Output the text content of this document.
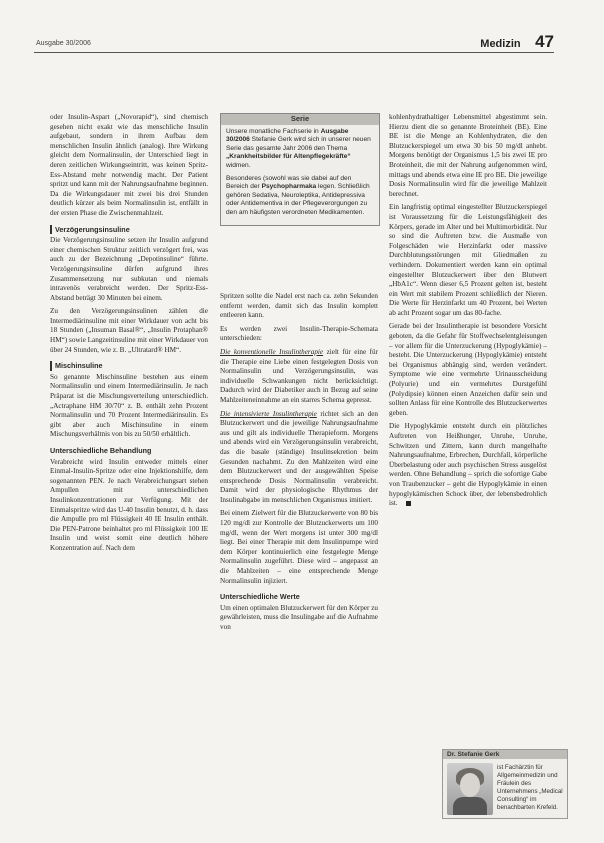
Ausgabe 30/2006	Medizin 47

oder Insulin-Aspart („Novorapid“), sind chemisch gesehen nicht exakt wie das menschliche Insulin aufgebaut, sondern in ihrem Aufbau dem menschlichen Insulin ähnlich (analog). Ihre Wirkung gleicht dem Normalinsulin, der Unterschied liegt in deren zeitlichen Wirkungseintritt, was keinen Spritz-Ess-Abstand mehr notwendig macht. Der Patient spritzt und kann mit der Nahrungsaufnahme beginnen. Da die Wirkungsdauer mit zwei bis drei Stunden deutlich kürzer als beim Normalinsulin ist, entfällt in der ersten Phase die Zwischenmahlzeit.

Verzögerungsinsuline

Die Verzögerungsinsuline setzen ihr Insulin aufgrund einer chemischen Struktur zeitlich verzögert frei, was auch zu der Bezeichnung „Depotinsuline“ führte. Verzögerungsinsuline dürfen aufgrund ihres Zusammensetzung nur subkutan und niemals intravenös verabreicht werden. Der Spritz-Ess-Abstand beträgt 30 Minuten bei einem.

Zu den Verzögerungsinsulinen zählen die Intermediärinsuline mit einer Wirkdauer von acht bis 18 Stunden („Insuman Basal®“, „Insulin Protaphan® HM“) sowie Langzeitinsuline mit einer Wirkdauer von über 24 Stunden, wie z. B. „Ultratard® HM“.

Mischinsuline

So genannte Mischinsuline bestehen aus einem Normalinsulin und einem Intermediärinsulin. Je nach Präparat ist die Mischungsverteilung unterschiedlich. „Actraphane HM 30/70“ z. B. enthält zehn Prozent Normalinsulin und 70 Prozent Intermediärinsulin. Es gibt aber auch Mischinsuline in einem Mischungsverhältnis von bis zu 50/50 erhältlich.

Unterschiedliche Behandlung

Verabreicht wird Insulin entweder mittels einer Einmal-Insulin-Spritze oder eine Injektionshilfe, dem sogenannten PEN. Je nach Verabreichungsart stehen Ampullen mit unterschiedlichen Insulinkonzentrationen zur Verfügung. Mit der Einmalspritze wird das U-40 Insulin benutzt, d. h. dass die Ampulle pro ml Flüssigkeit 40 IE Insulin enthält. Die PEN-Patrone beinhaltet pro ml Flüssigkeit 100 IE Insulin und weist somit eine deutlich höhere Konzentration auf. Nach dem

Serie

Unsere monatliche Fachserie in Ausgabe 30/2006 Stefanie Gerk wird sich in unserer neuen Serie das gesamte Jahr 2006 den Thema „Krankheitsbilder für Altenpflegekräfte“ widmen.

Besonderes (sowohl was sie dabei auf den Bereich der Psychopharmaka legen. Schließlich gehören Sedativa, Neuroleptika, Antidepressiva oder Antidementiva in der Pflegeverorgungen zu den am häufigsten verordneten Medikamenten.

Spritzen sollte die Nadel erst nach ca. zehn Sekunden entfernt werden, damit sich das Insulin komplett entleeren kann.

Es werden zwei Insulin-Therapie-Schemata unterschieden:

Die konventionelle Insulintherapie zielt für eine für die Therapie eine Liebe einen festgelegten Dosis von Normalinsulin und Verzögerungsinsulin, was individuelle Schwankungen nicht berücksichtigt. Dadurch wird der Diabetiker auch in Bezug auf seine Mahlzeiteneinnahme an ein starres Schema gepresst.

Die intensivierte Insulintherapie richtet sich an den Blutzuckerwert und die jeweilige Nahrungsaufnahme aus und gilt als individuelle Therapieform. Morgens und abends wird ein Verzögerungsinsulin verabreicht, das die basale (ständige) Insulinsekretion beim Gesunden nachahmt. Zu den Mahlzeiten wird eine dem Blutzuckerwert und der ausgewählten Speise entsprechende Dosis Normalinsulin verabreicht. Damit wird der physiologische Rhythmus der Insulinabgabe im menschlichen Organismus imitiert.

Bei einem Zielwert für die Blutzuckerwerte von 80 bis 120 mg/dl zur Kontrolle der Blutzuckerwerts um 100 mg/dl, wenn der Wert morgens ist unter 300 mg/dl liegt. Bei einer Therapie mit dem Insulinpumpe wird dem Körper kontinuierlich eine festgelegte Menge Normalinsulin zugeführt. Diese wird – angepasst an die Mahlzeiten – eine entsprechende Menge Normalinsulin injiziert.

Unterschiedliche Werte

Um einen optimalen Blutzuckerwert für den Körper zu gewährleisten, muss die Insulingabe auf die Aufnahme von

kohlenhydrathaltiger Lebensmittel abgestimmt sein. Hierzu dient die so genannte Broteinheit (BE). Eine BE ist die Menge an Kohlenhydraten, die den Blutzuckerspiegel um etwa 30 bis 50 mg/dl anhebt. Morgens benötigt der Organismus 1,5 bis zwei IE pro Broteinheit, die mit der Nahrung aufgenommen wird, mittags und abends etwa eine IE pro BE. Die jeweilige Dosis Normalinsulin wird für die jeweilige Mahlzeit berechnet.

Ein langfristig optimal eingestellter Blutzuckerspiegel ist Voraussetzung für die Leistungsfähigkeit des Körpers, gerade im Alter und bei Multimorbidität. Nur so sind die Auftreten bzw. die Ausmaße von Folgeschäden wie Herzinfarkt oder massive Durchblutungsstörungen mit Gliedmaßen zu verhindern. Dokumentiert werden kann ein optimal eingestellter Blutzuckerwert über den Blutwert „HbA1c“. Wenn dieser 6,5 Prozent gelten ist, besteht ein Wert mit stabilem Prozent schließlich der Nieren. Die Werte für Herzinfarkt um 40 Prozent, bei Werten ab acht Prozent sogar um das 80-fache.

Gerade bei der Insulintherapie ist besondere Vorsicht geboten, da die Gefahr für Stoffwechselentgleisungen – vor allem für die Unterzuckerung (Hypoglykämie) – besteht. Die Unterzuckerung (Hypoglykämie) entsteht bei Organismus abhängig sind, werden verändert. Symptome wie eine vermehrte Urinausscheidung (Polyurie) und ein vermehrtes Durstgefühl (Polydipsie) können einen Anzeichen dafür sein und sollten Anlass für eine Kontrolle des Blutzuckerwertes geben.

Die Hypoglykämie entsteht durch ein plötzliches Auftreten von Heißhunger, Unruhe, Unruhe, Schwitzen und Zittern, kann durch mangelhafte Nahrungsaufnahme, Erbrechen, Durchfall, körperliche Überbelastung oder auch psychischen Stress ausgelöst werden. Ohne Behandlung – sprich die sofortige Gabe von Traubenzucker – geht die Hypoglykämie in einen hypoglykämischen Schock über, der lebensbedrohlich ist.

Dr. Stefanie Gerk
ist Fachärztin für Allgemeinmedizin und Fräulein des Unternehmens „Medical Consulting“ im benachbarten Krefeld.
